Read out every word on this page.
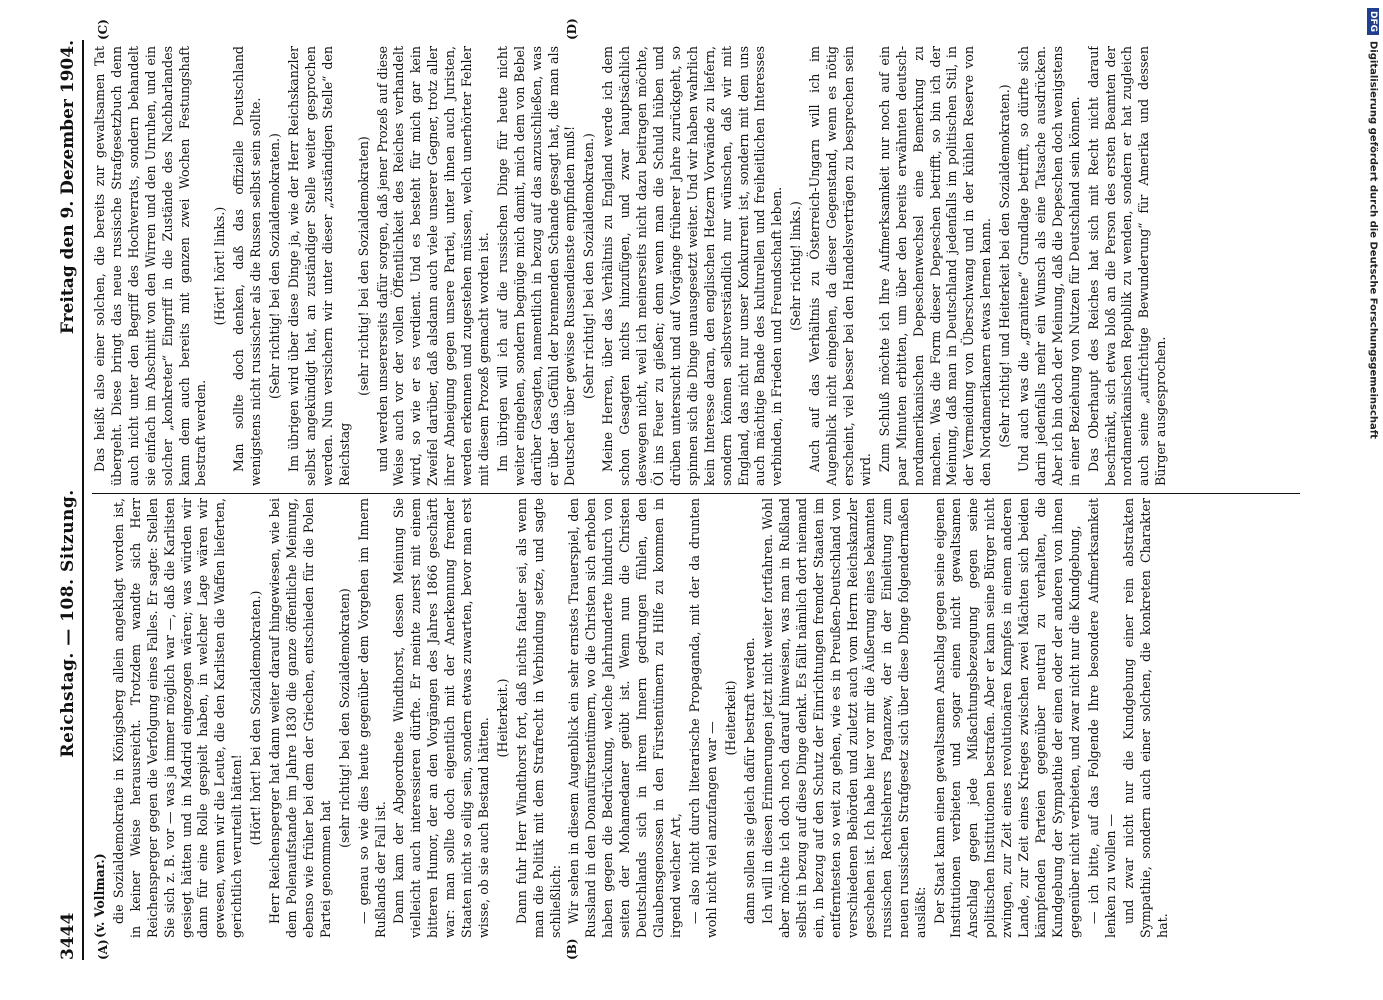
DFG
Digitalisierung gefördert durch die Deutsche Forschungsgemeinschaft
3444
Reichstag. — 108. Sitzung.
Freitag den 9. Dezember 1904.
(A)	(B)
(C)	(D)

(v. Vollmar.) die Sozialdemokratie in Königsberg allein angeklagt worden ist, in keiner Weise herausreicht. Trotzdem wandte sich Herr Reichensperger gegen die Verfolgung eines Falles. Er sagte: Stellen Sie sich z. B. vor — was ja immer möglich war —, daß die Karlisten gesiegt hätten und in Madrid eingezogen wären; was würden wir dann für eine Rolle gespielt haben, in welcher Lage wären wir gewesen, wenn wir die Leute, die den Karlisten die Waffen lieferten, gerichtlich verurteilt hätten!

(Hört! hört! bei den Sozialdemokraten.) Herr Reichensperger hat dann weiter darauf hingewiesen, wie bei dem Polenaufstande im Jahre 1830 die ganze öffentliche Meinung, ebenso wie früher bei dem der Griechen, entschieden für die Polen Partei genommen hat

(sehr richtig! bei den Sozialdemokraten) — genau so wie dies heute gegenüber dem Vorgehen im Innern Rußlands der Fall ist. Dann kam der Abgeordnete Windthorst, dessen Meinung Sie vielleicht auch interessieren dürfte. Er meinte zuerst mit einem bitteren Humor, der an den Vorgängen des Jahres 1866 geschärft war: man sollte doch eigentlich mit der Anerkennung fremder Staaten nicht so eilig sein, sondern etwas zuwarten, bevor man erst wisse, ob sie auch Bestand hätten. (Heiterkeit.) Dann fuhr Herr Windthorst fort, daß nichts fataler sei, als wenn man die Politik mit dem Strafrecht in Verbindung setze, und sagte schließlich: Wir sehen in diesem Augenblick ein sehr ernstes Trauerspiel, den Russland in den Donaufürstentümern, wo die Christen sich erhoben haben gegen die Bedrückung, welche Jahrhunderte hindurch von seiten der Mohamedaner geübt ist. Wenn nun die Christen Deutschlands sich in ihrem Innern gedrungen fühlen, den Glaubensgenossen in den Fürstentümern zu Hilfe zu kommen in irgend welcher Art, — also nicht durch literarische Propaganda, mit der da drunten wohl nicht viel anzufangen war —

(Heiterkeit) dann sollen sie gleich dafür bestraft werden. Ich will in diesen Erinnerungen jetzt nicht weiter fortfahren. Wohl aber möchte ich doch noch darauf hinweisen, was man in Rußland selbst in bezug auf diese Dinge denkt. Es fällt nämlich dort niemand ein, in bezug auf den Schutz der Einrichtungen fremder Staaten im entferntesten so weit zu gehen, wie es in Preußen-Deutschland von verschiedenen Behörden und zuletzt auch vom Herrn Reichskanzler geschehen ist. Ich habe hier vor mir die Äußerung eines bekannten russischen Rechtslehrers Paganzew, der in der Einleitung zum neuen russischen Strafgesetz sich über diese Dinge folgendermaßen ausläßt: Der Staat kann einen gewaltsamen Anschlag gegen seine eigenen Institutionen verbieten und sogar einen nicht gewaltsamen Anschlag gegen jede Mißachtungsbezeugung gegen seine politischen Institutionen bestrafen. Aber er kann seine Bürger nicht zwingen, zur Zeit eines revolutionären Kampfes in einem anderen Lande, zur Zeit eines Krieges zwischen zwei Mächten sich beiden kämpfenden Parteien gegenüber neutral zu verhalten, die Kundgebung der Sympathie der einen oder der anderen von ihnen gegenüber nicht verbieten, und zwar nicht nur die Kundgebung, — ich bitte, auf das Folgende Ihre besondere Aufmerksamkeit lenken zu wollen — und zwar nicht nur die Kundgebung einer rein abstrakten Sympathie, sondern auch einer solchen, die konkreten Charakter hat.

Das heißt also einer solchen, die bereits zur gewaltsamen Tat übergeht. Diese bringt das neue russische Strafgesetzbuch denn auch nicht unter den Begriff des Hochverrats, sondern behandelt sie einfach im Abschnitt von den Wirren und den Unruhen, und ein solcher „konkreter“ Eingriff in die Zustände des Nachbarlandes kann dem auch bereits mit ganzen zwei Wochen Festungshaft bestraft werden.

(Hört! hört! links.) Man sollte doch denken, daß das offizielle Deutschland wenigstens nicht russischer als die Russen selbst sein sollte. (Sehr richtig! bei den Sozialdemokraten.) Im übrigen wird über diese Dinge ja, wie der Herr Reichskanzler selbst angekündigt hat, an zuständiger Stelle weiter gesprochen werden. Nun versichern wir unter dieser „zuständigen Stelle“ den Reichstag

(sehr richtig! bei den Sozialdemokraten) und werden unsererseits dafür sorgen, daß jener Prozeß auf diese Weise auch vor der vollen Öffentlichkeit des Reiches verhandelt wird, so wie er es verdient. Und es besteht für mich gar kein Zweifel darüber, daß alsdann auch viele unserer Gegner, trotz aller ihrer Abneigung gegen unsere Partei, unter ihnen auch Juristen, werden erkennen und zugestehen müssen, welch unerhörter Fehler mit diesem Prozeß gemacht worden ist. Im übrigen will ich auf die russischen Dinge für heute nicht weiter eingehen, sondern begnüge mich damit, mich dem von Bebel darüber Gesagten, namentlich in bezug auf das anzuschließen, was er über das Gefühl der brennenden Schande gesagt hat, die man als Deutscher über gewisse Russendienste empfinden muß! (Sehr richtig! bei den Sozialdemokraten.) Meine Herren, über das Verhältnis zu England werde ich dem schon Gesagten nichts hinzufügen, und zwar hauptsächlich deswegen nicht, weil ich meinerseits nicht dazu beitragen möchte, Öl ins Feuer zu gießen; denn wenn man die Schuld hüben und drüben untersucht und auf Vorgänge früherer Jahre zurückgeht, so spinnen sich die Dinge unausgesetzt weiter. Und wir haben wahrlich kein Interesse daran, den englischen Hetzern Vorwände zu liefern, sondern können selbstverständlich nur wünschen, daß wir mit England, das nicht nur unser Konkurrent ist, sondern mit dem uns auch mächtige Bande des kulturellen und freiheitlichen Interesses verbinden, in Frieden und Freundschaft leben. (Sehr richtig! links.) Auch auf das Verhältnis zu Österreich-Ungarn will ich im Augenblick nicht eingehen, da dieser Gegenstand, wenn es nötig erscheint, viel besser bei den Handelsverträgen zu besprechen sein wird. Zum Schluß möchte ich Ihre Aufmerksamkeit nur noch auf ein paar Minuten erbitten, um über den bereits erwähnten deutsch-nordamerikanischen Depeschenwechsel eine Bemerkung zu machen. Was die Form dieser Depeschen betrifft, so bin ich der Meinung, daß man in Deutschland jedenfalls im politischen Stil, in der Vermeidung von Überschwang und in der kühlen Reserve von den Nordamerikanern etwas lernen kann. (Sehr richtig! und Heiterkeit bei den Sozialdemokraten.) Und auch was die „granitene“ Grundlage betrifft, so dürfte sich darin jedenfalls mehr ein Wunsch als eine Tatsache ausdrücken. Aber ich bin doch der Meinung, daß die Depeschen doch wenigstens in einer Beziehung von Nutzen für Deutschland sein können. Das Oberhaupt des Reiches hat sich mit Recht nicht darauf beschränkt, sich etwa bloß an die Person des ersten Beamten der nordamerikanischen Republik zu wenden, sondern er hat zugleich auch seine „aufrichtige Bewunderung“ für Amerika und dessen Bürger ausgesprochen.
